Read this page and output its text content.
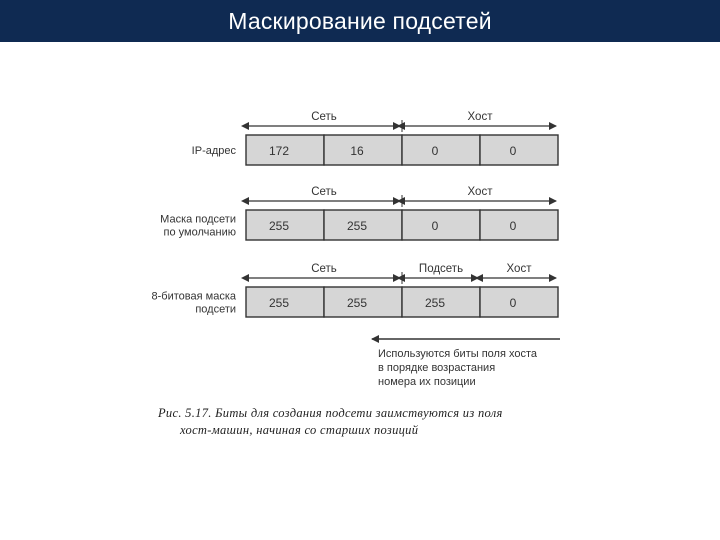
Маскирование подсетей
Сеть	Хост
172	16	0	0
IP-адрес
Сеть	Хост
255	255	0	0
Маска подсети
по умолчанию
Сеть	Подсеть	Хост
255	255	255	0
8-битовая маска
подсети
Используются биты поля хоста
в порядке возрастания
номера их позиции
Рис. 5.17. Биты для создания подсети заимствуются из поля
хост-машин, начиная со старших позиций
